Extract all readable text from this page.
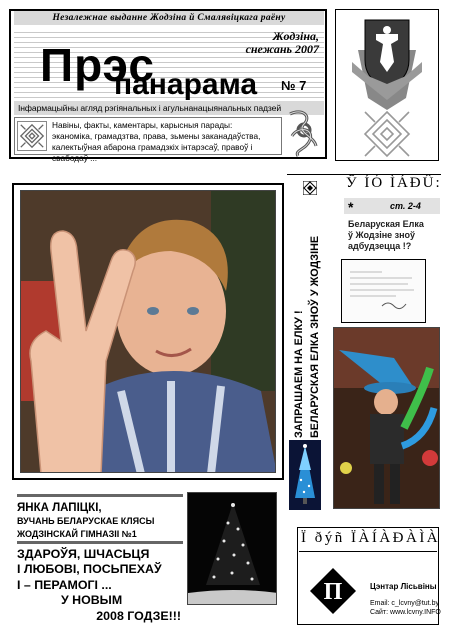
Незалежнае выданне Жодзіна й Смалявіцкага раёну
Прэс
панарама
Жодзіна,
снежань 2007
№ 7
Інфармацыйны агляд рэгіянальных і агульнанацыянальных падзей
Навіны, факты, каментары, карысныя парады:
эканоміка, грамадзтва, права, зьмены заканадаўства,
калектыўная абарона грамадзкіх інтарэсаў, правоў і свабодаў ...
ЗАПРАШАЕМ НА ЕЛКУ ! БЕЛАРУСКАЯ ЕЛКА ЗНОЎ У ЖОДЗІНЕ
Ў ÍÓ ÌÁÐÛ:
*	ст. 2-4
Беларуская Елка
ў Жодзіне зноў
адбудзецца !?
ЯНКА ЛАПІЦКІ,
ВУЧАНЬ БЕЛАРУСКАЕ КЛЯСЫ
ЖОДЗІНСКАЙ ГІМНАЗІІ №1
ЗДАРОЎЯ, ШЧАСЬЦЯ
І ЛЮБОВІ, ПОСЬПЕХАЎ
І – ПЕРАМОГІ ...
У НОВЫМ
2008 ГОДЗЕ!!!
Ï ðýñ ÏÀÍÀÐÀÌÀ
П	Цэнтар Лісьвіны
Email: c_lcvny@tut.by
Сайт: www.lcvny.INFO
